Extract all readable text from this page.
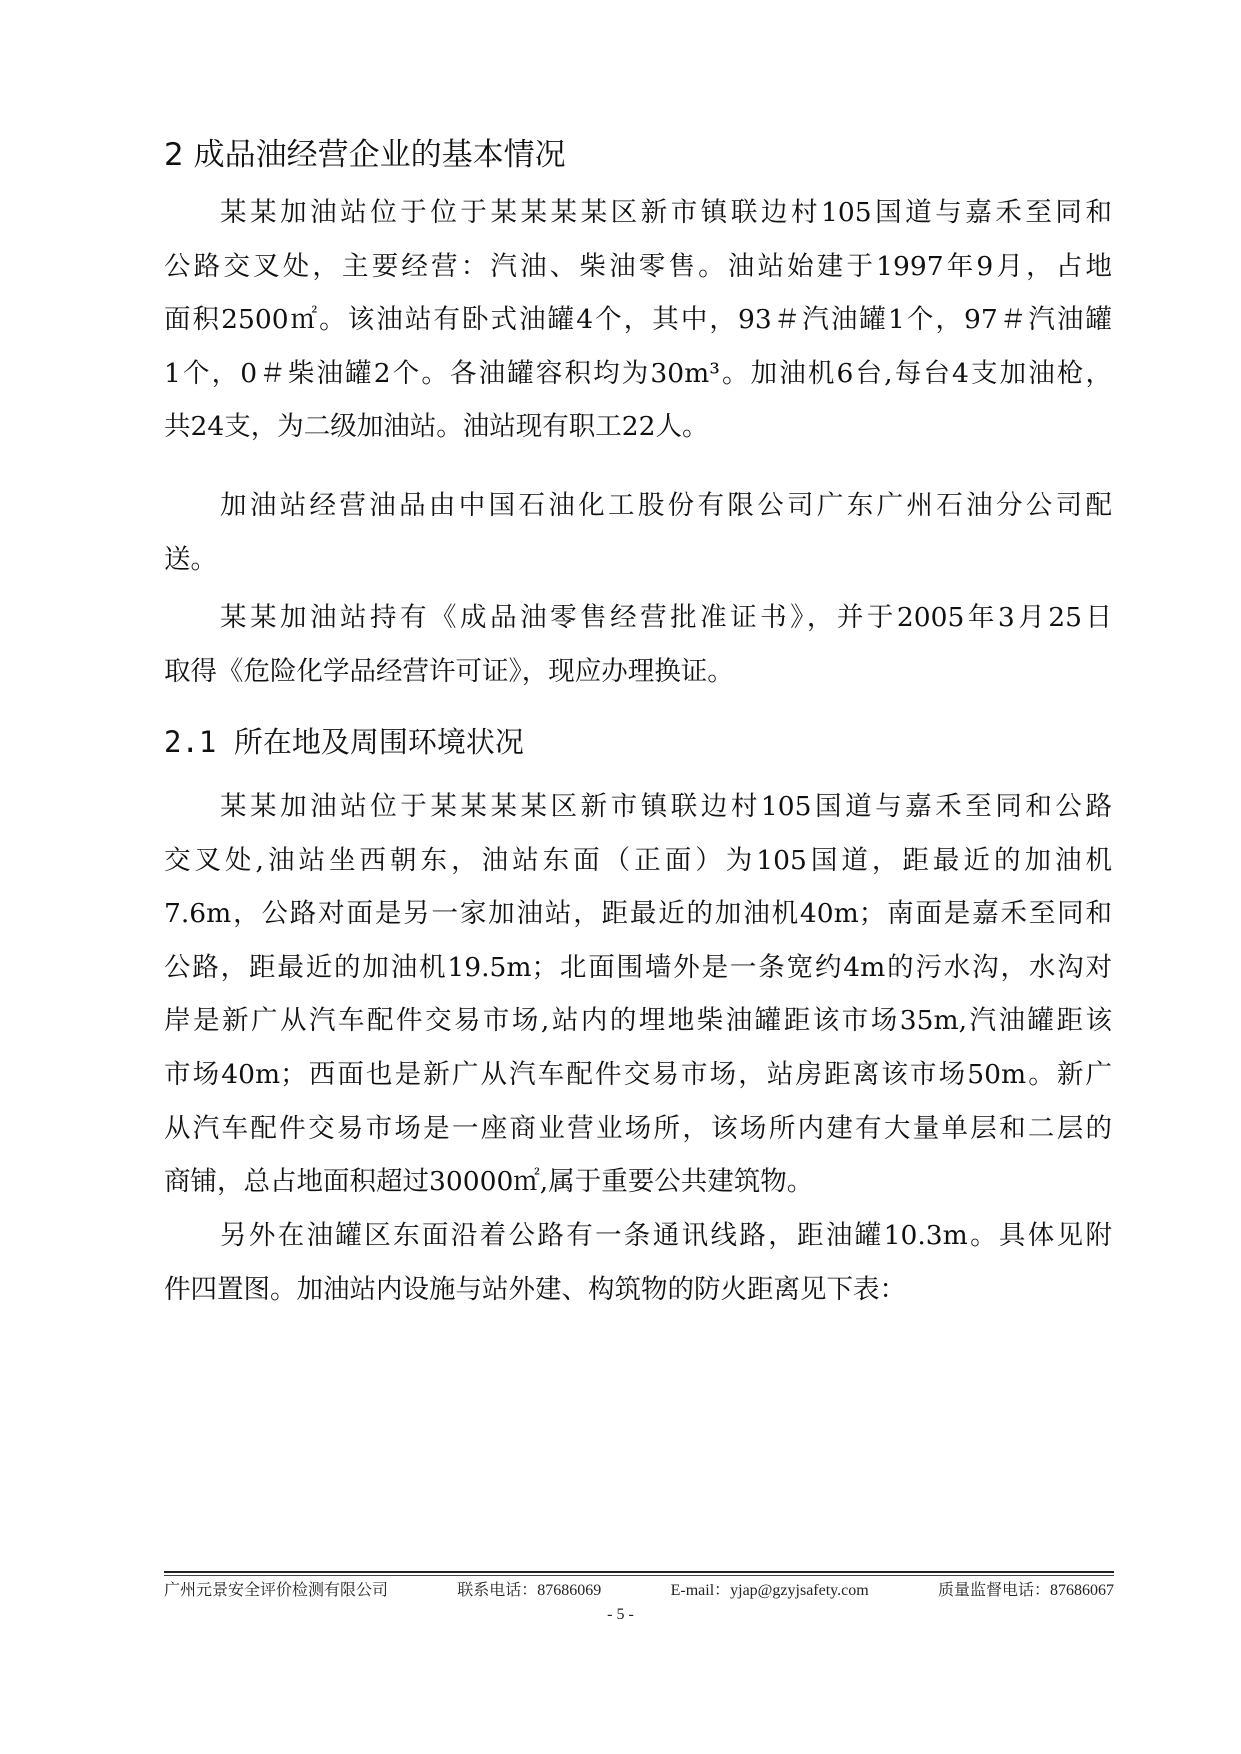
2 成品油经营企业的基本情况
某某加油站位于位于某某某某区新市镇联边村105国道与嘉禾至同和
公路交叉处，主要经营：汽油、柴油零售。油站始建于1997年9月，占地
面积2500㎡。该油站有卧式油罐4个，其中，93＃汽油罐1个，97＃汽油罐
1个，0＃柴油罐2个。各油罐容积均为30m³。加油机6台,每台4支加油枪，
共24支，为二级加油站。油站现有职工22人。
加油站经营油品由中国石油化工股份有限公司广东广州石油分公司配
送。
某某加油站持有《成品油零售经营批准证书》，并于2005年3月25日
取得《危险化学品经营许可证》，现应办理换证。
2.1 所在地及周围环境状况
某某加油站位于某某某某区新市镇联边村105国道与嘉禾至同和公路
交叉处,油站坐西朝东，油站东面（正面）为105国道，距最近的加油机
7.6m，公路对面是另一家加油站，距最近的加油机40m；南面是嘉禾至同和
公路，距最近的加油机19.5m；北面围墙外是一条宽约4m的污水沟，水沟对
岸是新广从汽车配件交易市场,站内的埋地柴油罐距该市场35m,汽油罐距该
市场40m；西面也是新广从汽车配件交易市场，站房距离该市场50m。新广
从汽车配件交易市场是一座商业营业场所，该场所内建有大量单层和二层的
商铺，总占地面积超过30000㎡,属于重要公共建筑物。
另外在油罐区东面沿着公路有一条通讯线路，距油罐10.3m。具体见附
件四置图。加油站内设施与站外建、构筑物的防火距离见下表：
广州元景安全评价检测有限公司	联系电话：87686069	E-mail：yjap@gzyjsafety.com	质量监督电话：87686067
- 5 -
